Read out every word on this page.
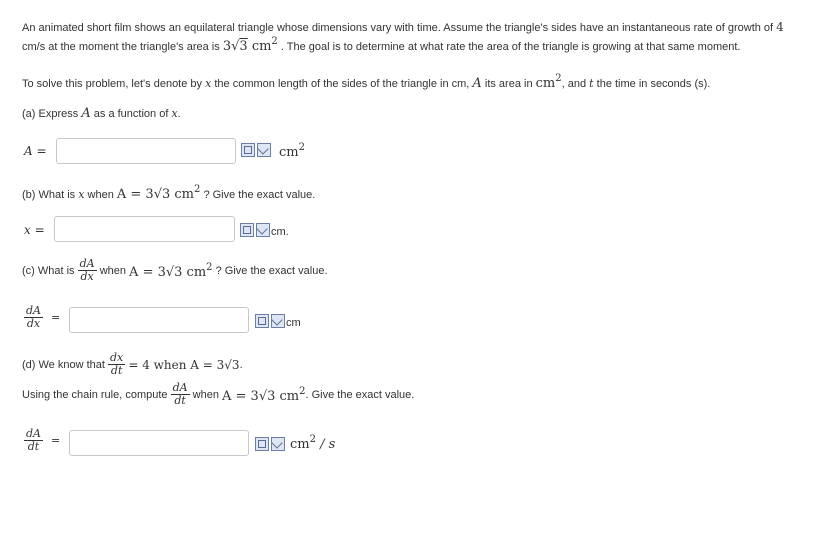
An animated short film shows an equilateral triangle whose dimensions vary with time. Assume the triangle's sides have an instantaneous rate of growth of 4
cm/s at the moment the triangle's area is 3√3 $cm^2$ . The goal is to determine at what rate the area of the triangle is growing at that same moment.
To solve this problem, let's denote by x the common length of the sides of the triangle in cm, A its area in $cm^2$, and t the time in seconds (s).
(a) Express A as a function of x.
A =	$cm^2$
(b) What is x when A = 3√3 $cm^2$ ? Give the exact value.
x =	cm.
(c) What is
$\frac{dA}{dx}$
when
A = 3√3 $cm^2$
? Give the exact value.
$\frac{dA}{dx}$ =	cm
(d) We know that
$\frac{dx}{dt}$
= 4 when A = 3√3 .
Using the chain rule, compute
$\frac{dA}{dt}$
when
A = 3√3 $cm^2$ . Give the exact value.
$\frac{dA}{dt}$ =	$cm^2$ / s
